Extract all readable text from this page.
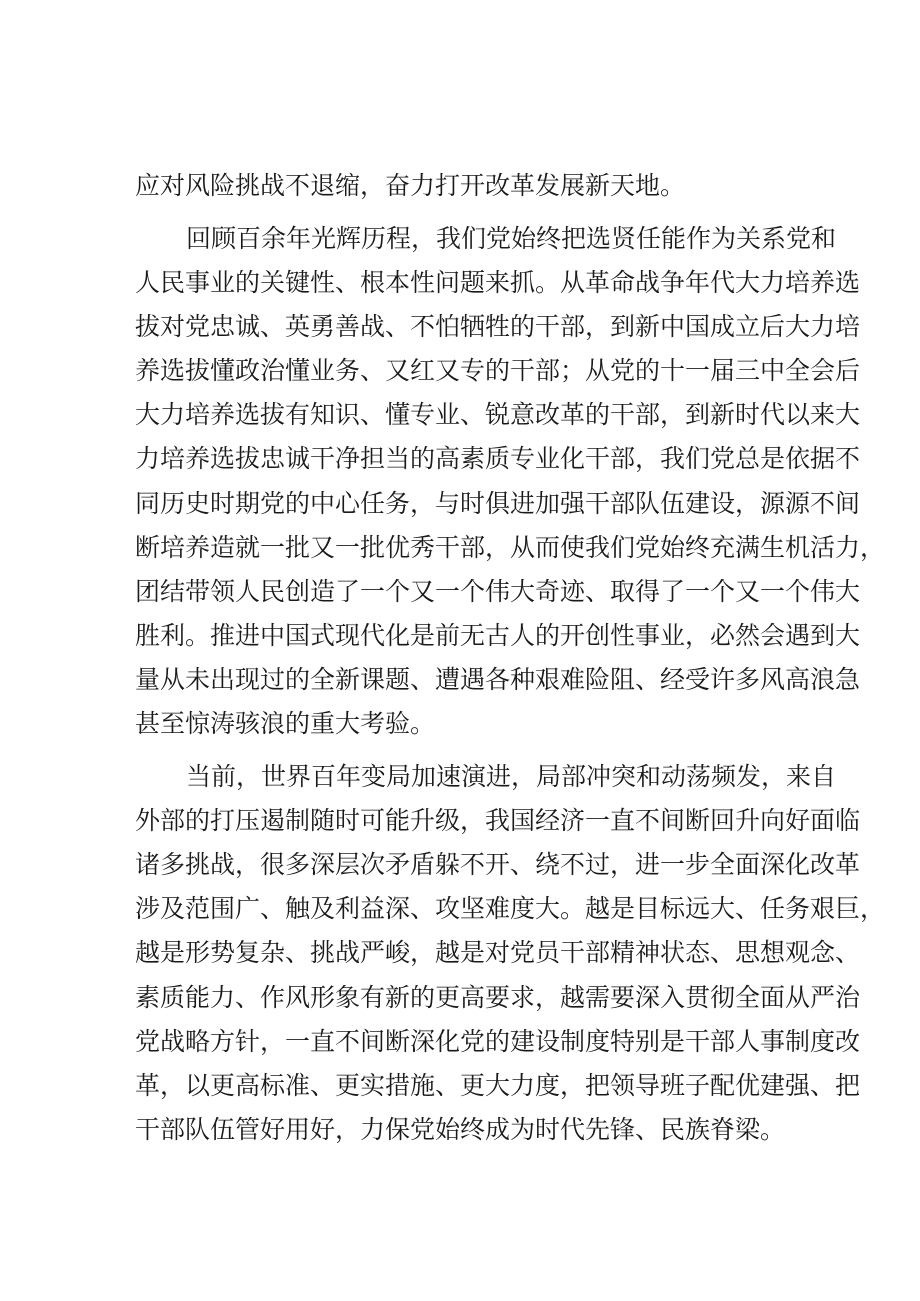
应对风险挑战不退缩，奋力打开改革发展新天地。

回顾百余年光辉历程，我们党始终把选贤任能作为关系党和

人民事业的关键性、根本性问题来抓。从革命战争年代大力培养选

拔对党忠诚、英勇善战、不怕牺牲的干部，到新中国成立后大力培

养选拔懂政治懂业务、又红又专的干部；从党的十一届三中全会后

大力培养选拔有知识、懂专业、锐意改革的干部，到新时代以来大

力培养选拔忠诚干净担当的高素质专业化干部，我们党总是依据不

同历史时期党的中心任务，与时俱进加强干部队伍建设，源源不间

断培养造就一批又一批优秀干部，从而使我们党始终充满生机活力，

团结带领人民创造了一个又一个伟大奇迹、取得了一个又一个伟大

胜利。推进中国式现代化是前无古人的开创性事业，必然会遇到大

量从未出现过的全新课题、遭遇各种艰难险阻、经受许多风高浪急

甚至惊涛骇浪的重大考验。

当前，世界百年变局加速演进，局部冲突和动荡频发，来自

外部的打压遏制随时可能升级，我国经济一直不间断回升向好面临

诸多挑战，很多深层次矛盾躲不开、绕不过，进一步全面深化改革

涉及范围广、触及利益深、攻坚难度大。越是目标远大、任务艰巨，

越是形势复杂、挑战严峻，越是对党员干部精神状态、思想观念、

素质能力、作风形象有新的更高要求，越需要深入贯彻全面从严治

党战略方针，一直不间断深化党的建设制度特别是干部人事制度改

革，以更高标准、更实措施、更大力度，把领导班子配优建强、把

干部队伍管好用好，力保党始终成为时代先锋、民族脊梁。
